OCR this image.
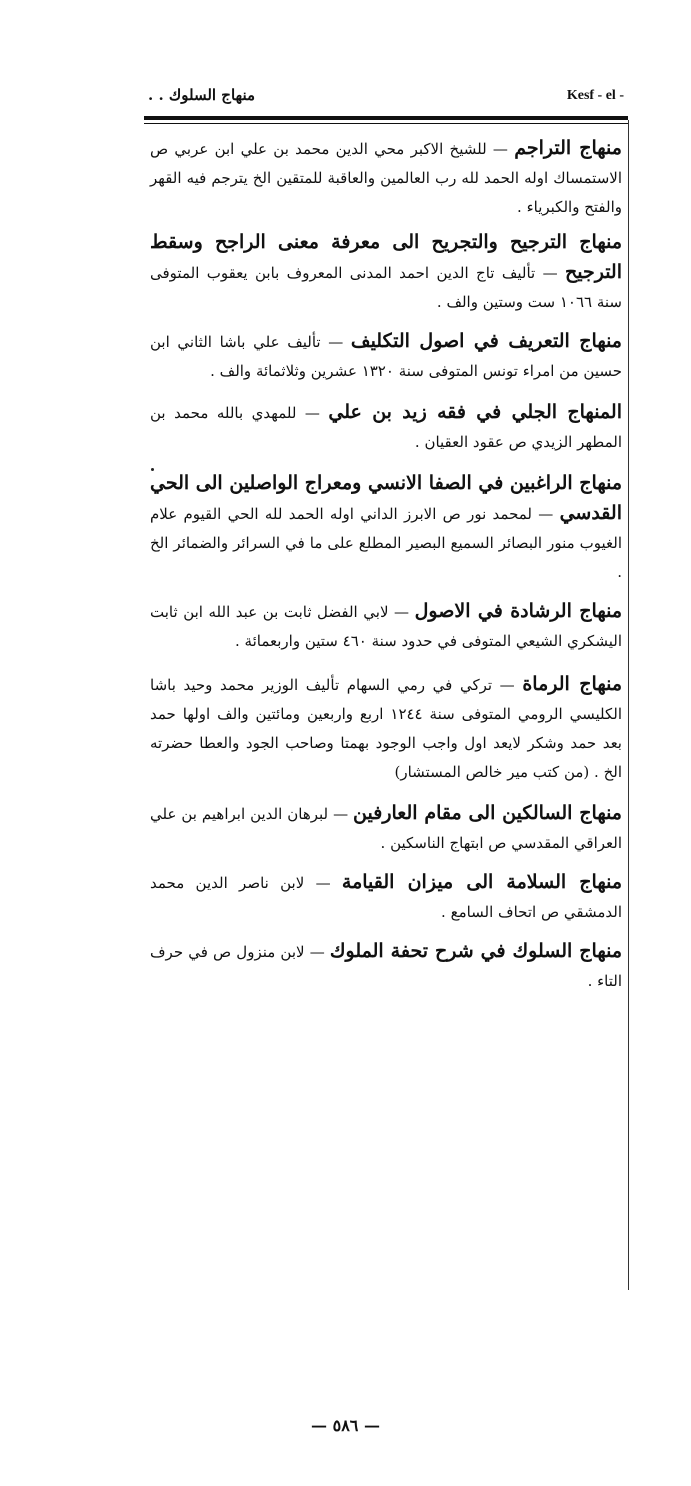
منهاج السلوك . .	Kesf - el -

منهاج التراجم — للشيخ الاكبر محي الدين محمد بن علي ابن عربي ص الاستمساك اوله الحمد لله رب العالمين والعاقبة للمتقين الخ يترجم فيه القهر والفتح والكبرياء .

منهاج الترجيح والتجريح الى معرفة معنى الراجح وسقط الترجيح — تأليف تاج الدين احمد المدنى المعروف بابن يعقوب المتوفى سنة ١٠٦٦ ست وستين والف .

منهاج التعريف في اصول التكليف — تأليف علي باشا الثاني ابن حسين من امراء تونس المتوفى سنة ١٣٢٠ عشرين وثلاثمائة والف .

المنهاج الجلي في فقه زيد بن علي — للمهدي بالله محمد بن المطهر الزيدي ص عقود العقيان .

منهاج الراغبين في الصفا الانسي ومعراج الواصلين الى الحي القدسي — لمحمد نور ص الابرز الداني اوله الحمد لله الحي القيوم علام الغيوب منور البصائر السميع البصير المطلع على ما في السرائر والضمائر الخ .

منهاج الرشادة في الاصول — لابي الفضل ثابت بن عبد الله ابن ثابت اليشكري الشيعي المتوفى في حدود سنة ٤٦٠ ستين واربعمائة .

منهاج الرماة — تركي في رمي السهام تأليف الوزير محمد وحيد باشا الكليسي الرومي المتوفى سنة ١٢٤٤ اربع واربعين ومائتين والف اولها حمد بعد حمد وشكر لايعد اول واجب الوجود بهمتا وصاحب الجود والعطا حضرته الخ . (من كتب مير خالص المستشار)

منهاج السالكين الى مقام العارفين — لبرهان الدين ابراهيم بن علي العراقي المقدسي ص ابتهاج الناسكين .

منهاج السلامة الى ميزان القيامة — لابن ناصر الدين محمد الدمشقي ص اتحاف السامع .

منهاج السلوك في شرح تحفة الملوك — لابن منزول ص في حرف التاء .

— ٥٨٦ —
